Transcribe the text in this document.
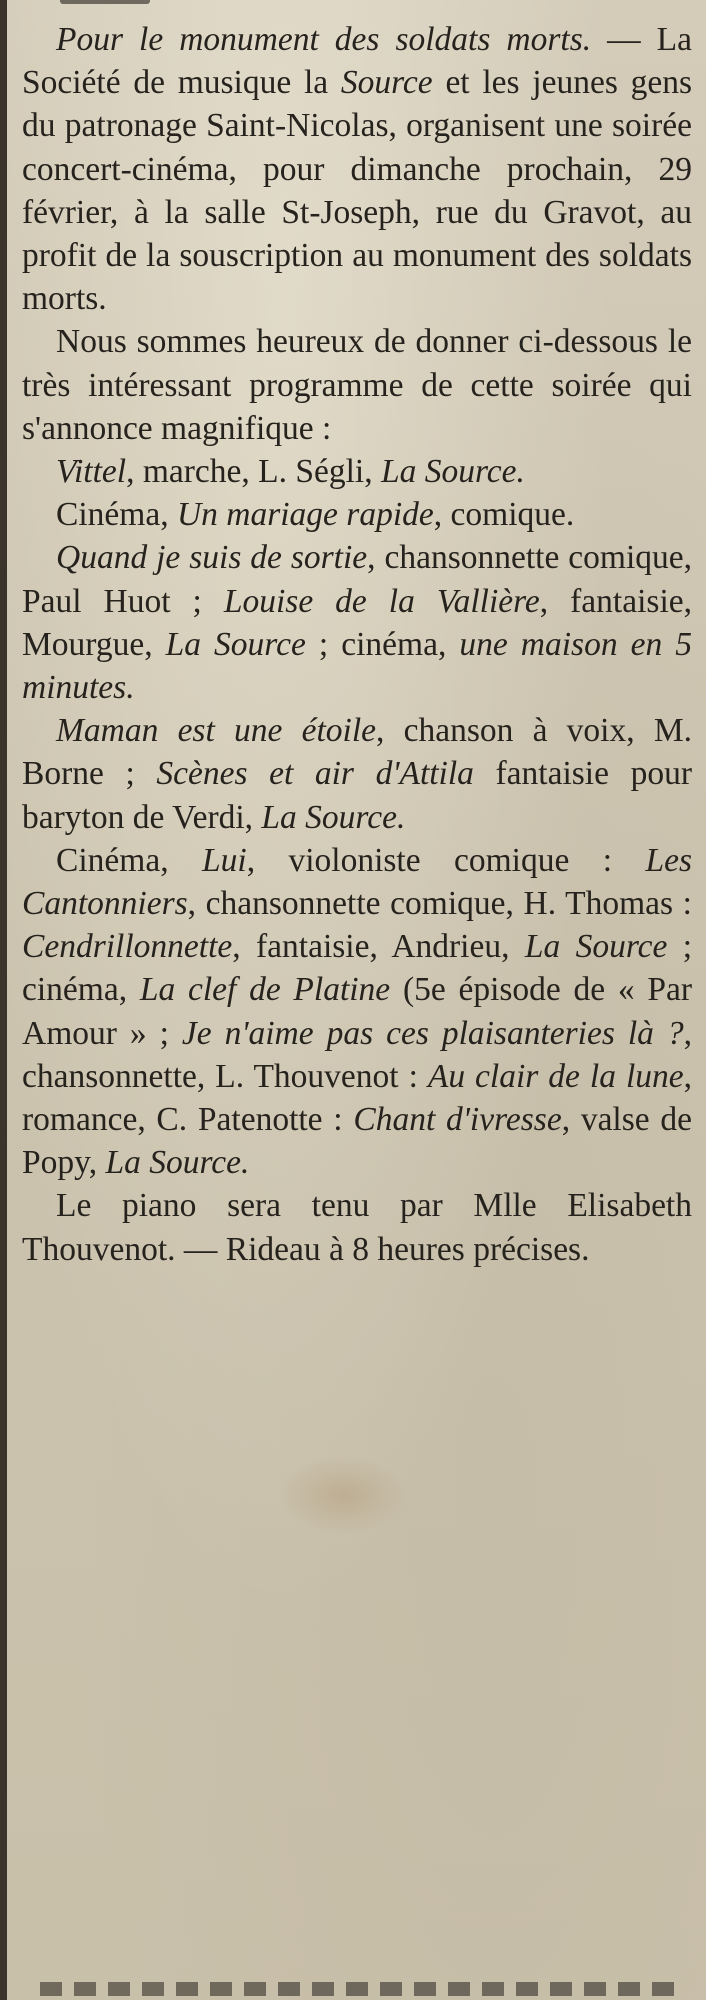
Pour le monument des soldats morts. — La Société de musique la Source et les jeunes gens du patronage Saint-Nicolas, organisent une soirée concert-cinéma, pour dimanche prochain, 29 février, à la salle St-Joseph, rue du Gravot, au profit de la souscription au monument des soldats morts.

Nous sommes heureux de donner ci-dessous le très intéressant programme de cette soirée qui s'annonce magnifique :

Vittel, marche, L. Ségli, La Source.

Cinéma, Un mariage rapide, comique.

Quand je suis de sortie, chansonnette comique, Paul Huot ; Louise de la Vallière, fantaisie, Mourgue, La Source ; cinéma, une maison en 5 minutes.

Maman est une étoile, chanson à voix, M. Borne ; Scènes et air d'Attila fantaisie pour baryton de Verdi, La Source.

Cinéma, Lui, violoniste comique : Les Cantonniers, chansonnette comique, H. Thomas : Cendrillonnette, fantaisie, Andrieu, La Source ; cinéma, La clef de Platine (5e épisode de « Par Amour » ; Je n'aime pas ces plaisanteries là ?, chansonnette, L. Thouvenot : Au clair de la lune, romance, C. Patenotte : Chant d'ivresse, valse de Popy, La Source.

Le piano sera tenu par Mlle Elisabeth Thouvenot. — Rideau à 8 heures précises.
